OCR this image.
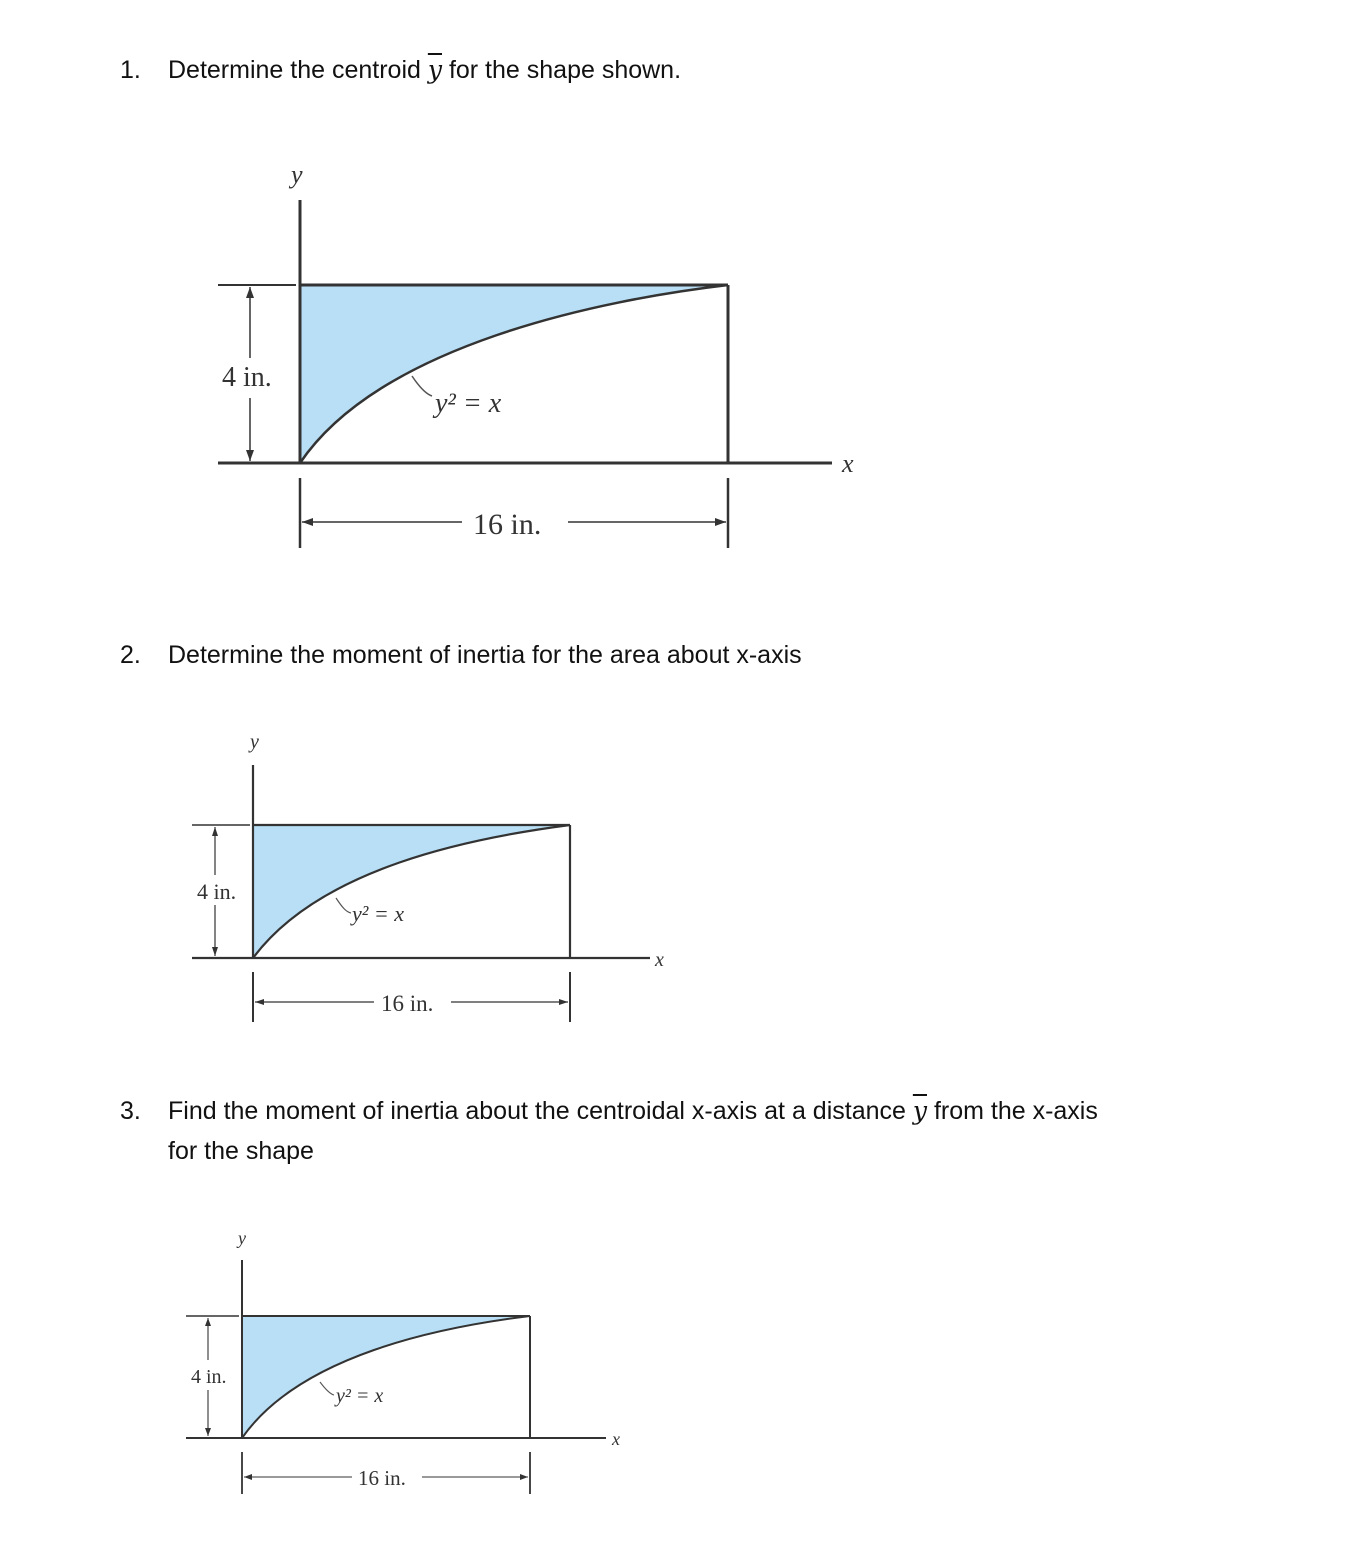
1. Determine the centroid $\overline{y}$ for the shape shown.
4 in.
16 in.
y
x
y² = x
2. Determine the moment of inertia for the area about x-axis
4 in.
16 in.
y
x
y² = x
3. Find the moment of inertia about the centroidal x-axis at a distance $\overline{y}$ from the x-axis
for the shape
4 in.
16 in.
y
x
y² = x
